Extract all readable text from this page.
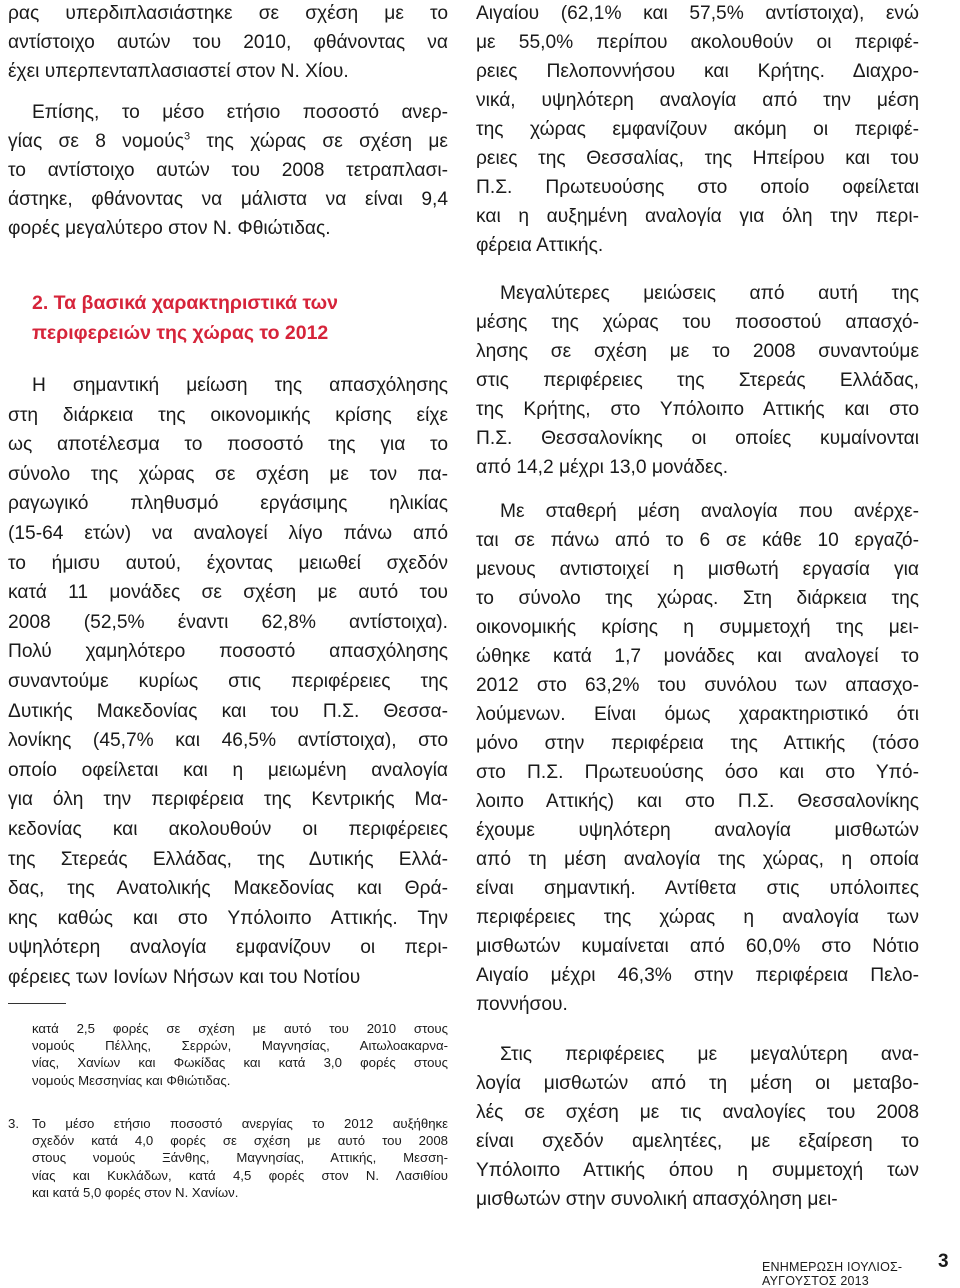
ρας υπερδιπλασιάστηκε σε σχέση με το
αντίστοιχο αυτών του 2010, φθάνοντας να
έχει υπερπενταπλασιαστεί στον Ν. Χίου.

Επίσης, το μέσο ετήσιο ποσοστό ανερ-
γίας σε 8 νομούς$^3$ της χώρας σε σχέση με
το αντίστοιχο αυτών του 2008 τετραπλασι-
άστηκε, φθάνοντας να μάλιστα να είναι 9,4
φορές μεγαλύτερο στον Ν. Φθιώτιδας.

2. Τα βασικά χαρακτηριστικά των
περιφερειών της χώρας το 2012

Η σημαντική μείωση της απασχόλησης
στη διάρκεια της οικονομικής κρίσης είχε
ως αποτέλεσμα το ποσοστό της για το
σύνολο της χώρας σε σχέση με τον πα-
ραγωγικό πληθυσμό εργάσιμης ηλικίας
(15-64 ετών) να αναλογεί λίγο πάνω από
το ήμισυ αυτού, έχοντας μειωθεί σχεδόν
κατά 11 μονάδες σε σχέση με αυτό του
2008 (52,5% έναντι 62,8% αντίστοιχα).
Πολύ χαμηλότερο ποσοστό απασχόλησης
συναντούμε κυρίως στις περιφέρειες της
Δυτικής Μακεδονίας και του Π.Σ. Θεσσα-
λονίκης (45,7% και 46,5% αντίστοιχα), στο
οποίο οφείλεται και η μειωμένη αναλογία
για όλη την περιφέρεια της Κεντρικής Μα-
κεδονίας και ακολουθούν οι περιφέρειες
της Στερεάς Ελλάδας, της Δυτικής Ελλά-
δας, της Ανατολικής Μακεδονίας και Θρά-
κης καθώς και στο Υπόλοιπο Αττικής. Την
υψηλότερη αναλογία εμφανίζουν οι περι-
φέρειες των Ιονίων Νήσων και του Νοτίου

κατά 2,5 φορές σε σχέση με αυτό του 2010 στους
νομούς Πέλλης, Σερρών, Μαγνησίας, Αιτωλοακαρνα-
νίας, Χανίων και Φωκίδας και κατά 3,0 φορές στους
νομούς Μεσσηνίας και Φθιώτιδας.

3. Το μέσο ετήσιο ποσοστό ανεργίας το 2012 αυξήθηκε
σχεδόν κατά 4,0 φορές σε σχέση με αυτό του 2008
στους νομούς Ξάνθης, Μαγνησίας, Αττικής, Μεσση-
νίας και Κυκλάδων, κατά 4,5 φορές στον Ν. Λασιθίου
και κατά 5,0 φορές στον Ν. Χανίων.

Αιγαίου (62,1% και 57,5% αντίστοιχα), ενώ
με 55,0% περίπου ακολουθούν οι περιφέ-
ρειες Πελοποννήσου και Κρήτης. Διαχρο-
νικά, υψηλότερη αναλογία από την μέση
της χώρας εμφανίζουν ακόμη οι περιφέ-
ρειες της Θεσσαλίας, της Ηπείρου και του
Π.Σ. Πρωτευούσης στο οποίο οφείλεται
και η αυξημένη αναλογία για όλη την περι-
φέρεια Αττικής.

Μεγαλύτερες μειώσεις από αυτή της
μέσης της χώρας του ποσοστού απασχό-
λησης σε σχέση με το 2008 συναντούμε
στις περιφέρειες της Στερεάς Ελλάδας,
της Κρήτης, στο Υπόλοιπο Αττικής και στο
Π.Σ. Θεσσαλονίκης οι οποίες κυμαίνονται
από 14,2 μέχρι 13,0 μονάδες.

Με σταθερή μέση αναλογία που ανέρχε-
ται σε πάνω από το 6 σε κάθε 10 εργαζό-
μενους αντιστοιχεί η μισθωτή εργασία για
το σύνολο της χώρας. Στη διάρκεια της
οικονομικής κρίσης η συμμετοχή της μει-
ώθηκε κατά 1,7 μονάδες και αναλογεί το
2012 στο 63,2% του συνόλου των απασχο-
λούμενων. Είναι όμως χαρακτηριστικό ότι
μόνο στην περιφέρεια της Αττικής (τόσο
στο Π.Σ. Πρωτευούσης όσο και στο Υπό-
λοιπο Αττικής) και στο Π.Σ. Θεσσαλονίκης
έχουμε υψηλότερη αναλογία μισθωτών
από τη μέση αναλογία της χώρας, η οποία
είναι σημαντική. Αντίθετα στις υπόλοιπες
περιφέρειες της χώρας η αναλογία των
μισθωτών κυμαίνεται από 60,0% στο Νότιο
Αιγαίο μέχρι 46,3% στην περιφέρεια Πελο-
ποννήσου.

Στις περιφέρειες με μεγαλύτερη ανα-
λογία μισθωτών από τη μέση οι μεταβο-
λές σε σχέση με τις αναλογίες του 2008
είναι σχεδόν αμελητέες, με εξαίρεση το
Υπόλοιπο Αττικής όπου η συμμετοχή των
μισθωτών στην συνολική απασχόληση μει-

ΕΝΗΜΕΡΩΣΗ ΙΟΥΛΙΟΣ-ΑΥΓΟΥΣΤΟΣ 2013
3
